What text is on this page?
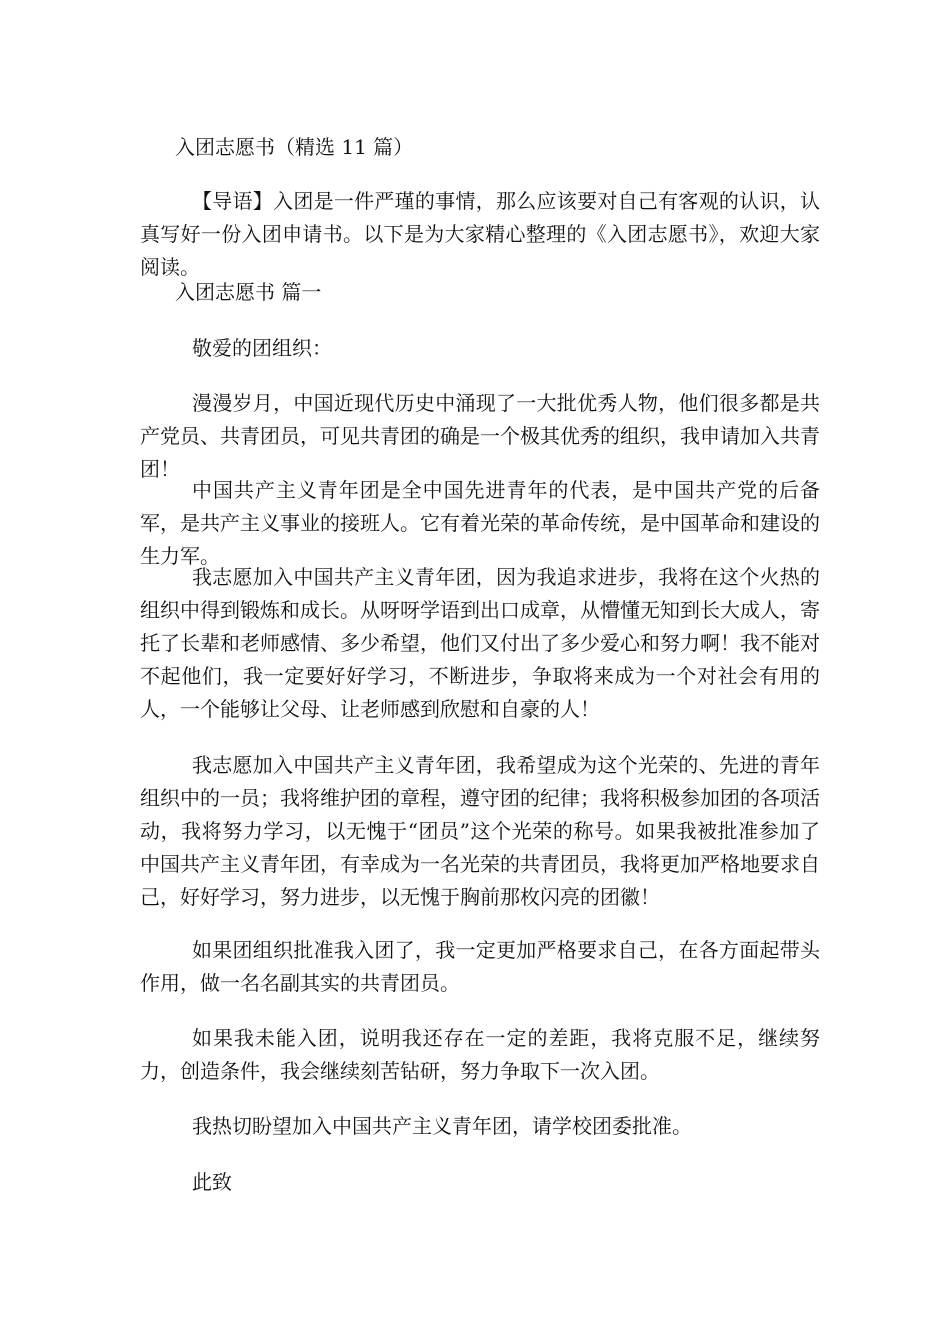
入团志愿书（精选 11 篇）

【导语】入团是一件严瑾的事情，那么应该要对自己有客观的认识，认真写好一份入团申请书。以下是为大家精心整理的《入团志愿书》，欢迎大家阅读。

入团志愿书 篇一

敬爱的团组织：

漫漫岁月，中国近现代历史中涌现了一大批优秀人物，他们很多都是共产党员、共青团员，可见共青团的确是一个极其优秀的组织，我申请加入共青团！

中国共产主义青年团是全中国先进青年的代表，是中国共产党的后备军，是共产主义事业的接班人。它有着光荣的革命传统，是中国革命和建设的生力军。

我志愿加入中国共产主义青年团，因为我追求进步，我将在这个火热的组织中得到锻炼和成长。从呀呀学语到出口成章，从懵懂无知到长大成人，寄托了长辈和老师感情、多少希望，他们又付出了多少爱心和努力啊！我不能对不起他们，我一定要好好学习，不断进步，争取将来成为一个对社会有用的人，一个能够让父母、让老师感到欣慰和自豪的人！

我志愿加入中国共产主义青年团，我希望成为这个光荣的、先进的青年组织中的一员；我将维护团的章程，遵守团的纪律；我将积极参加团的各项活动，我将努力学习，以无愧于“团员”这个光荣的称号。如果我被批准参加了中国共产主义青年团，有幸成为一名光荣的共青团员，我将更加严格地要求自己，好好学习，努力进步，以无愧于胸前那枚闪亮的团徽！

如果团组织批准我入团了，我一定更加严格要求自己，在各方面起带头作用，做一名名副其实的共青团员。

如果我未能入团，说明我还存在一定的差距，我将克服不足，继续努力，创造条件，我会继续刻苦钻研，努力争取下一次入团。

我热切盼望加入中国共产主义青年团，请学校团委批准。

此致
